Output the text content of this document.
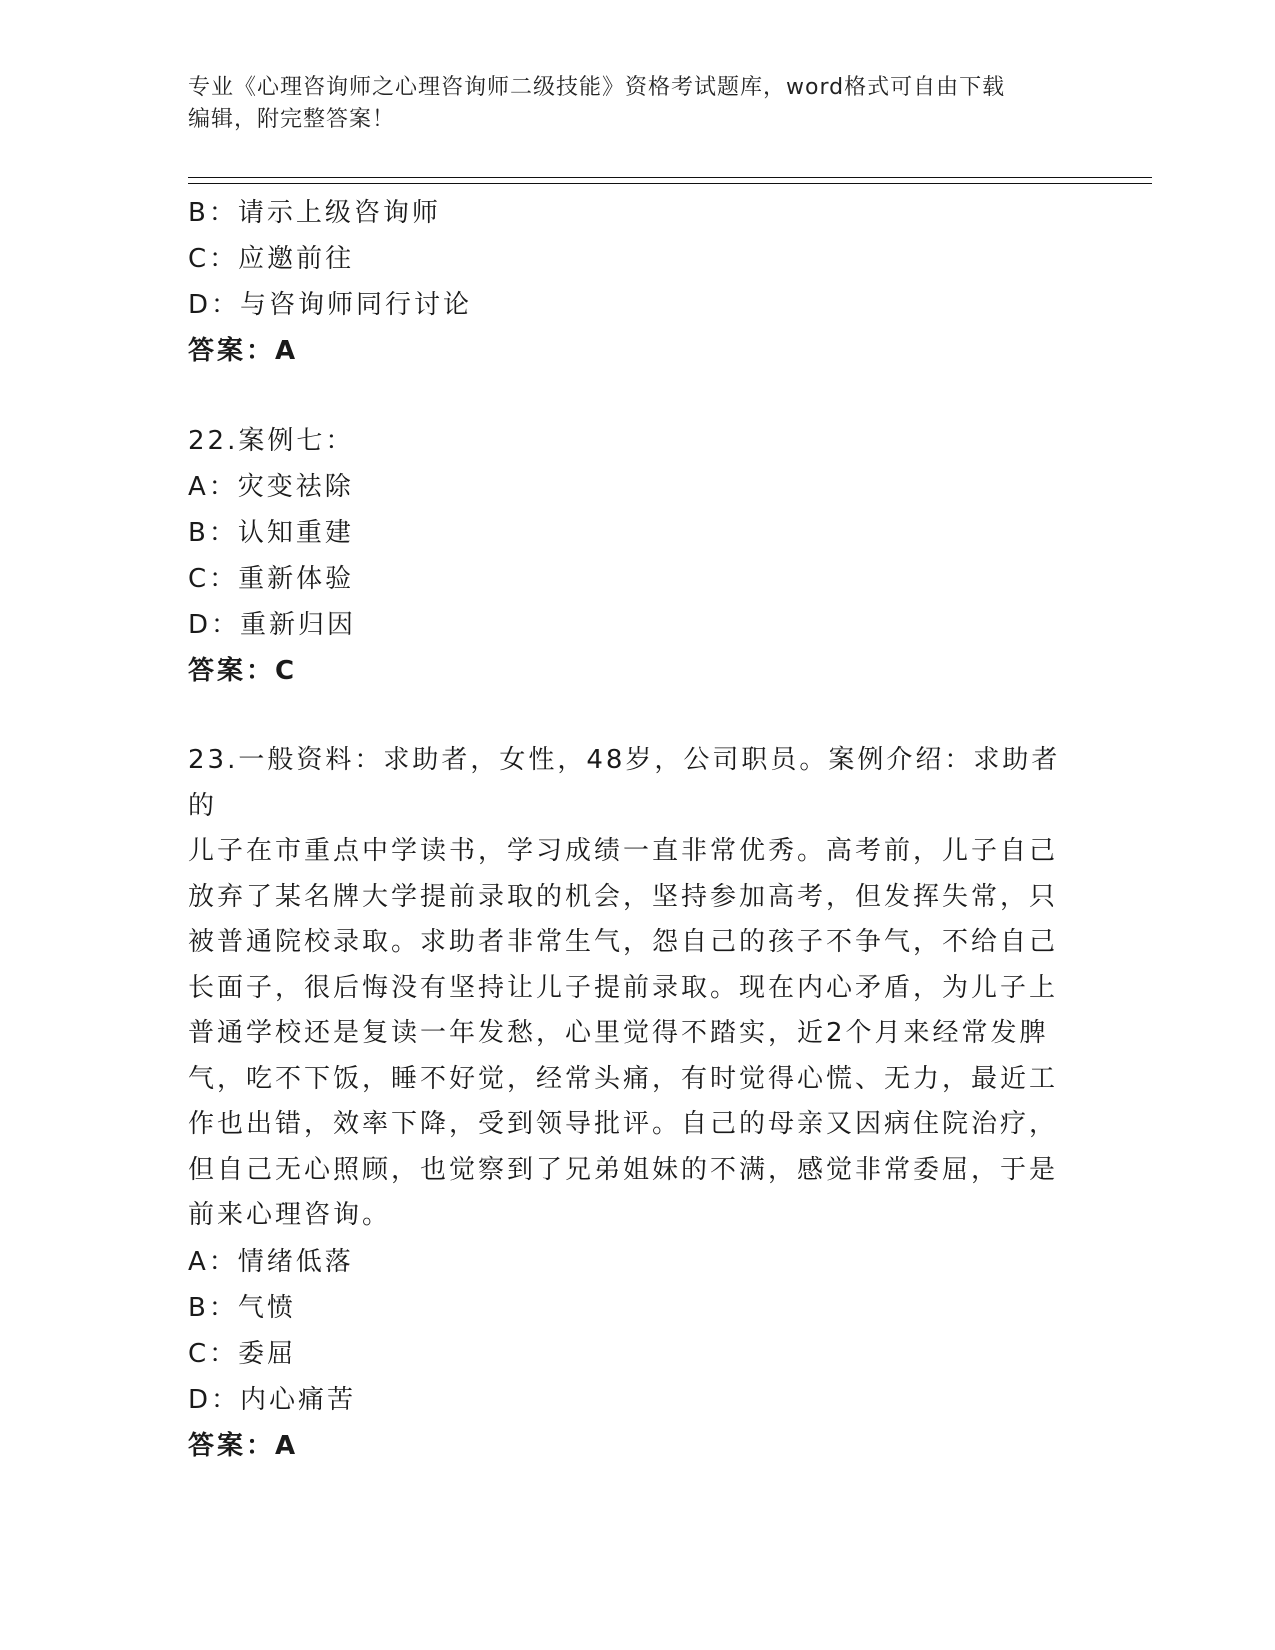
专业《心理咨询师之心理咨询师二级技能》资格考试题库，word格式可自由下载
编辑，附完整答案！
B：请示上级咨询师
C：应邀前往
D：与咨询师同行讨论
答案：A
22.案例七：
A：灾变祛除
B：认知重建
C：重新体验
D：重新归因
答案：C
23.一般资料：求助者，女性，48岁，公司职员。案例介绍：求助者的
儿子在市重点中学读书，学习成绩一直非常优秀。高考前，儿子自己
放弃了某名牌大学提前录取的机会，坚持参加高考，但发挥失常，只
被普通院校录取。求助者非常生气，怨自己的孩子不争气，不给自己
长面子，很后悔没有坚持让儿子提前录取。现在内心矛盾，为儿子上
普通学校还是复读一年发愁，心里觉得不踏实，近2个月来经常发脾
气，吃不下饭，睡不好觉，经常头痛，有时觉得心慌、无力，最近工
作也出错，效率下降，受到领导批评。自己的母亲又因病住院治疗，
但自己无心照顾，也觉察到了兄弟姐妹的不满，感觉非常委屈，于是
前来心理咨询。
A：情绪低落
B：气愤
C：委屈
D：内心痛苦
答案：A
